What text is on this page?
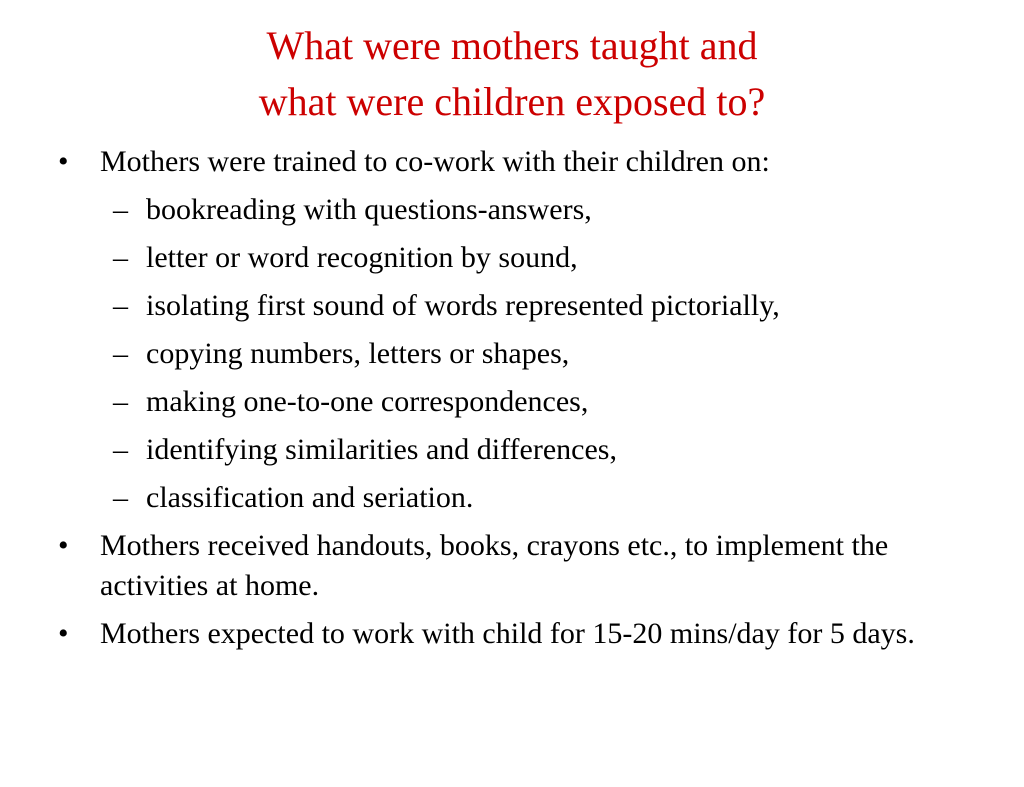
What were mothers taught and
what were children exposed to?
• Mothers were trained to co-work with their children on:
– bookreading with questions-answers,
– letter or word recognition by sound,
– isolating first sound of words represented pictorially,
– copying numbers, letters or shapes,
– making one-to-one correspondences,
– identifying similarities and differences,
– classification and seriation.
• Mothers received handouts, books, crayons etc., to implement the activities at home.
• Mothers expected to work with child for 15-20 mins/day for 5 days.
